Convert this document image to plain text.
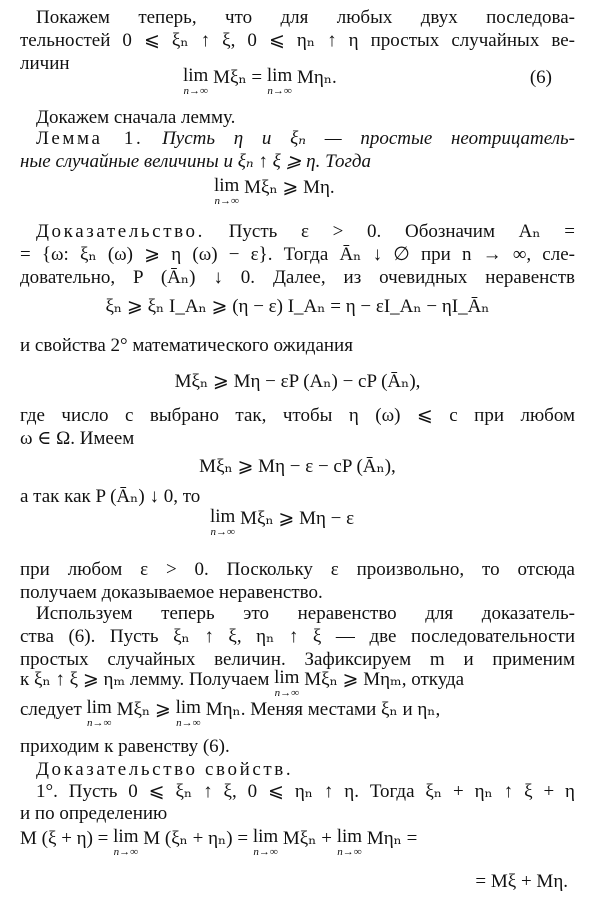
Покажем теперь, что для любых двух последова-
тельностей 0 ⩽ ξₙ ↑ ξ, 0 ⩽ ηₙ ↑ η простых случайных ве-
личин
lim
n→∞
Mξₙ = lim
n→∞
Mηₙ.	(6)
Докажем сначала лемму.
Лемма 1. Пусть η и ξₙ — простые неотрицатель-
ные случайные величины и ξₙ ↑ ξ ⩾ η. Тогда
lim
n→∞
Mξₙ ⩾ Mη.
Доказательство. Пусть ε > 0. Обозначим Aₙ =
= {ω: ξₙ (ω) ⩾ η (ω) − ε}. Тогда Āₙ ↓ ∅ при n → ∞, сле-
довательно, P (Āₙ) ↓ 0. Далее, из очевидных неравенств
ξₙ ⩾ ξₙ I_Aₙ ⩾ (η − ε) I_Aₙ = η − εI_Aₙ − ηI_Āₙ
и свойства 2° математического ожидания
Mξₙ ⩾ Mη − εP (Aₙ) − cP (Āₙ),
где число c выбрано так, чтобы η (ω) ⩽ c при любом
ω ∈ Ω. Имеем
Mξₙ ⩾ Mη − ε − cP (Āₙ),
а так как P (Āₙ) ↓ 0, то
lim
n→∞
Mξₙ ⩾ Mη − ε
при любом ε > 0. Поскольку ε произвольно, то отсюда
получаем доказываемое неравенство.
Используем теперь это неравенство для доказатель-
ства (6). Пусть ξₙ ↑ ξ, ηₙ ↑ ξ — две последовательности
простых случайных величин. Зафиксируем m и применим
к ξₙ ↑ ξ ⩾ ηₘ лемму. Получаем lim
n→∞
Mξₙ ⩾ Mηₘ, откуда
следует lim
n→∞
Mξₙ ⩾ lim
n→∞
Mηₙ. Меняя местами ξₙ и ηₙ,
приходим к равенству (6).
Доказательство свойств.
1°. Пусть 0 ⩽ ξₙ ↑ ξ, 0 ⩽ ηₙ ↑ η. Тогда ξₙ + ηₙ ↑ ξ + η
и по определению
M (ξ + η) = lim
n→∞
M (ξₙ + ηₙ) = lim
n→∞
Mξₙ + lim
n→∞
Mηₙ =
= Mξ + Mη.
